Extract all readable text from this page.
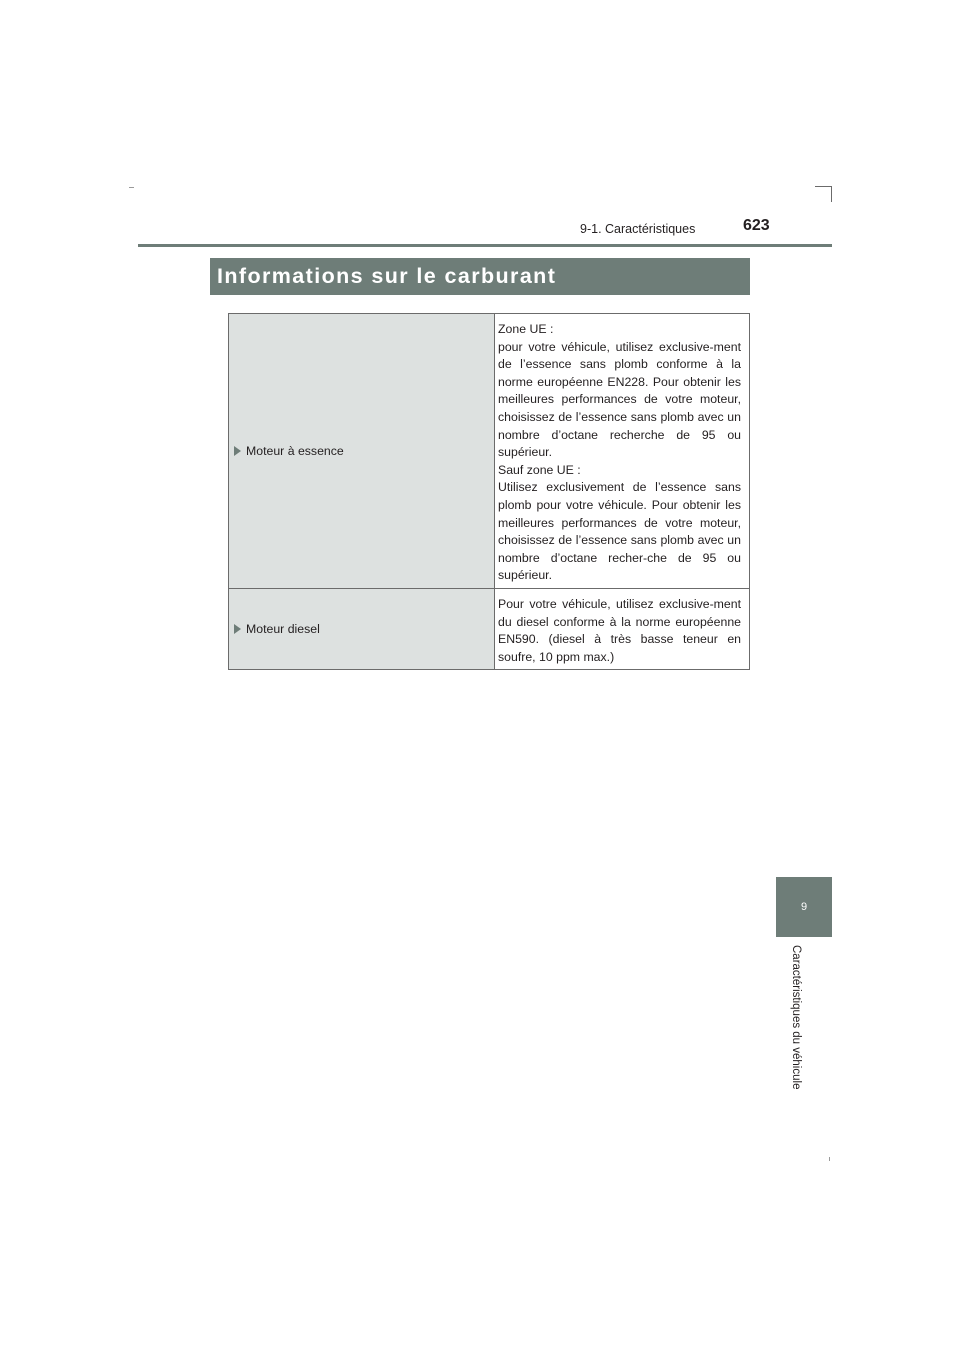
9-1. Caractéristiques	623
Informations sur le carburant
Moteur à essence	Zone UE :

pour votre véhicule, utilisez exclusive-ment de l’essence sans plomb conforme à la norme européenne EN228. Pour obtenir les meilleures performances de votre moteur, choisissez de l’essence sans plomb avec un nombre d’octane recherche de 95 ou supérieur.

Sauf zone UE :

Utilisez exclusivement de l’essence sans plomb pour votre véhicule. Pour obtenir les meilleures performances de votre moteur, choisissez de l’essence sans plomb avec un nombre d’octane recher-che de 95 ou supérieur.

Moteur diesel	Pour votre véhicule, utilisez exclusive-ment du diesel conforme à la norme européenne EN590. (diesel à très basse teneur en soufre, 10 ppm max.)

9
Caractéristiques du véhicule
